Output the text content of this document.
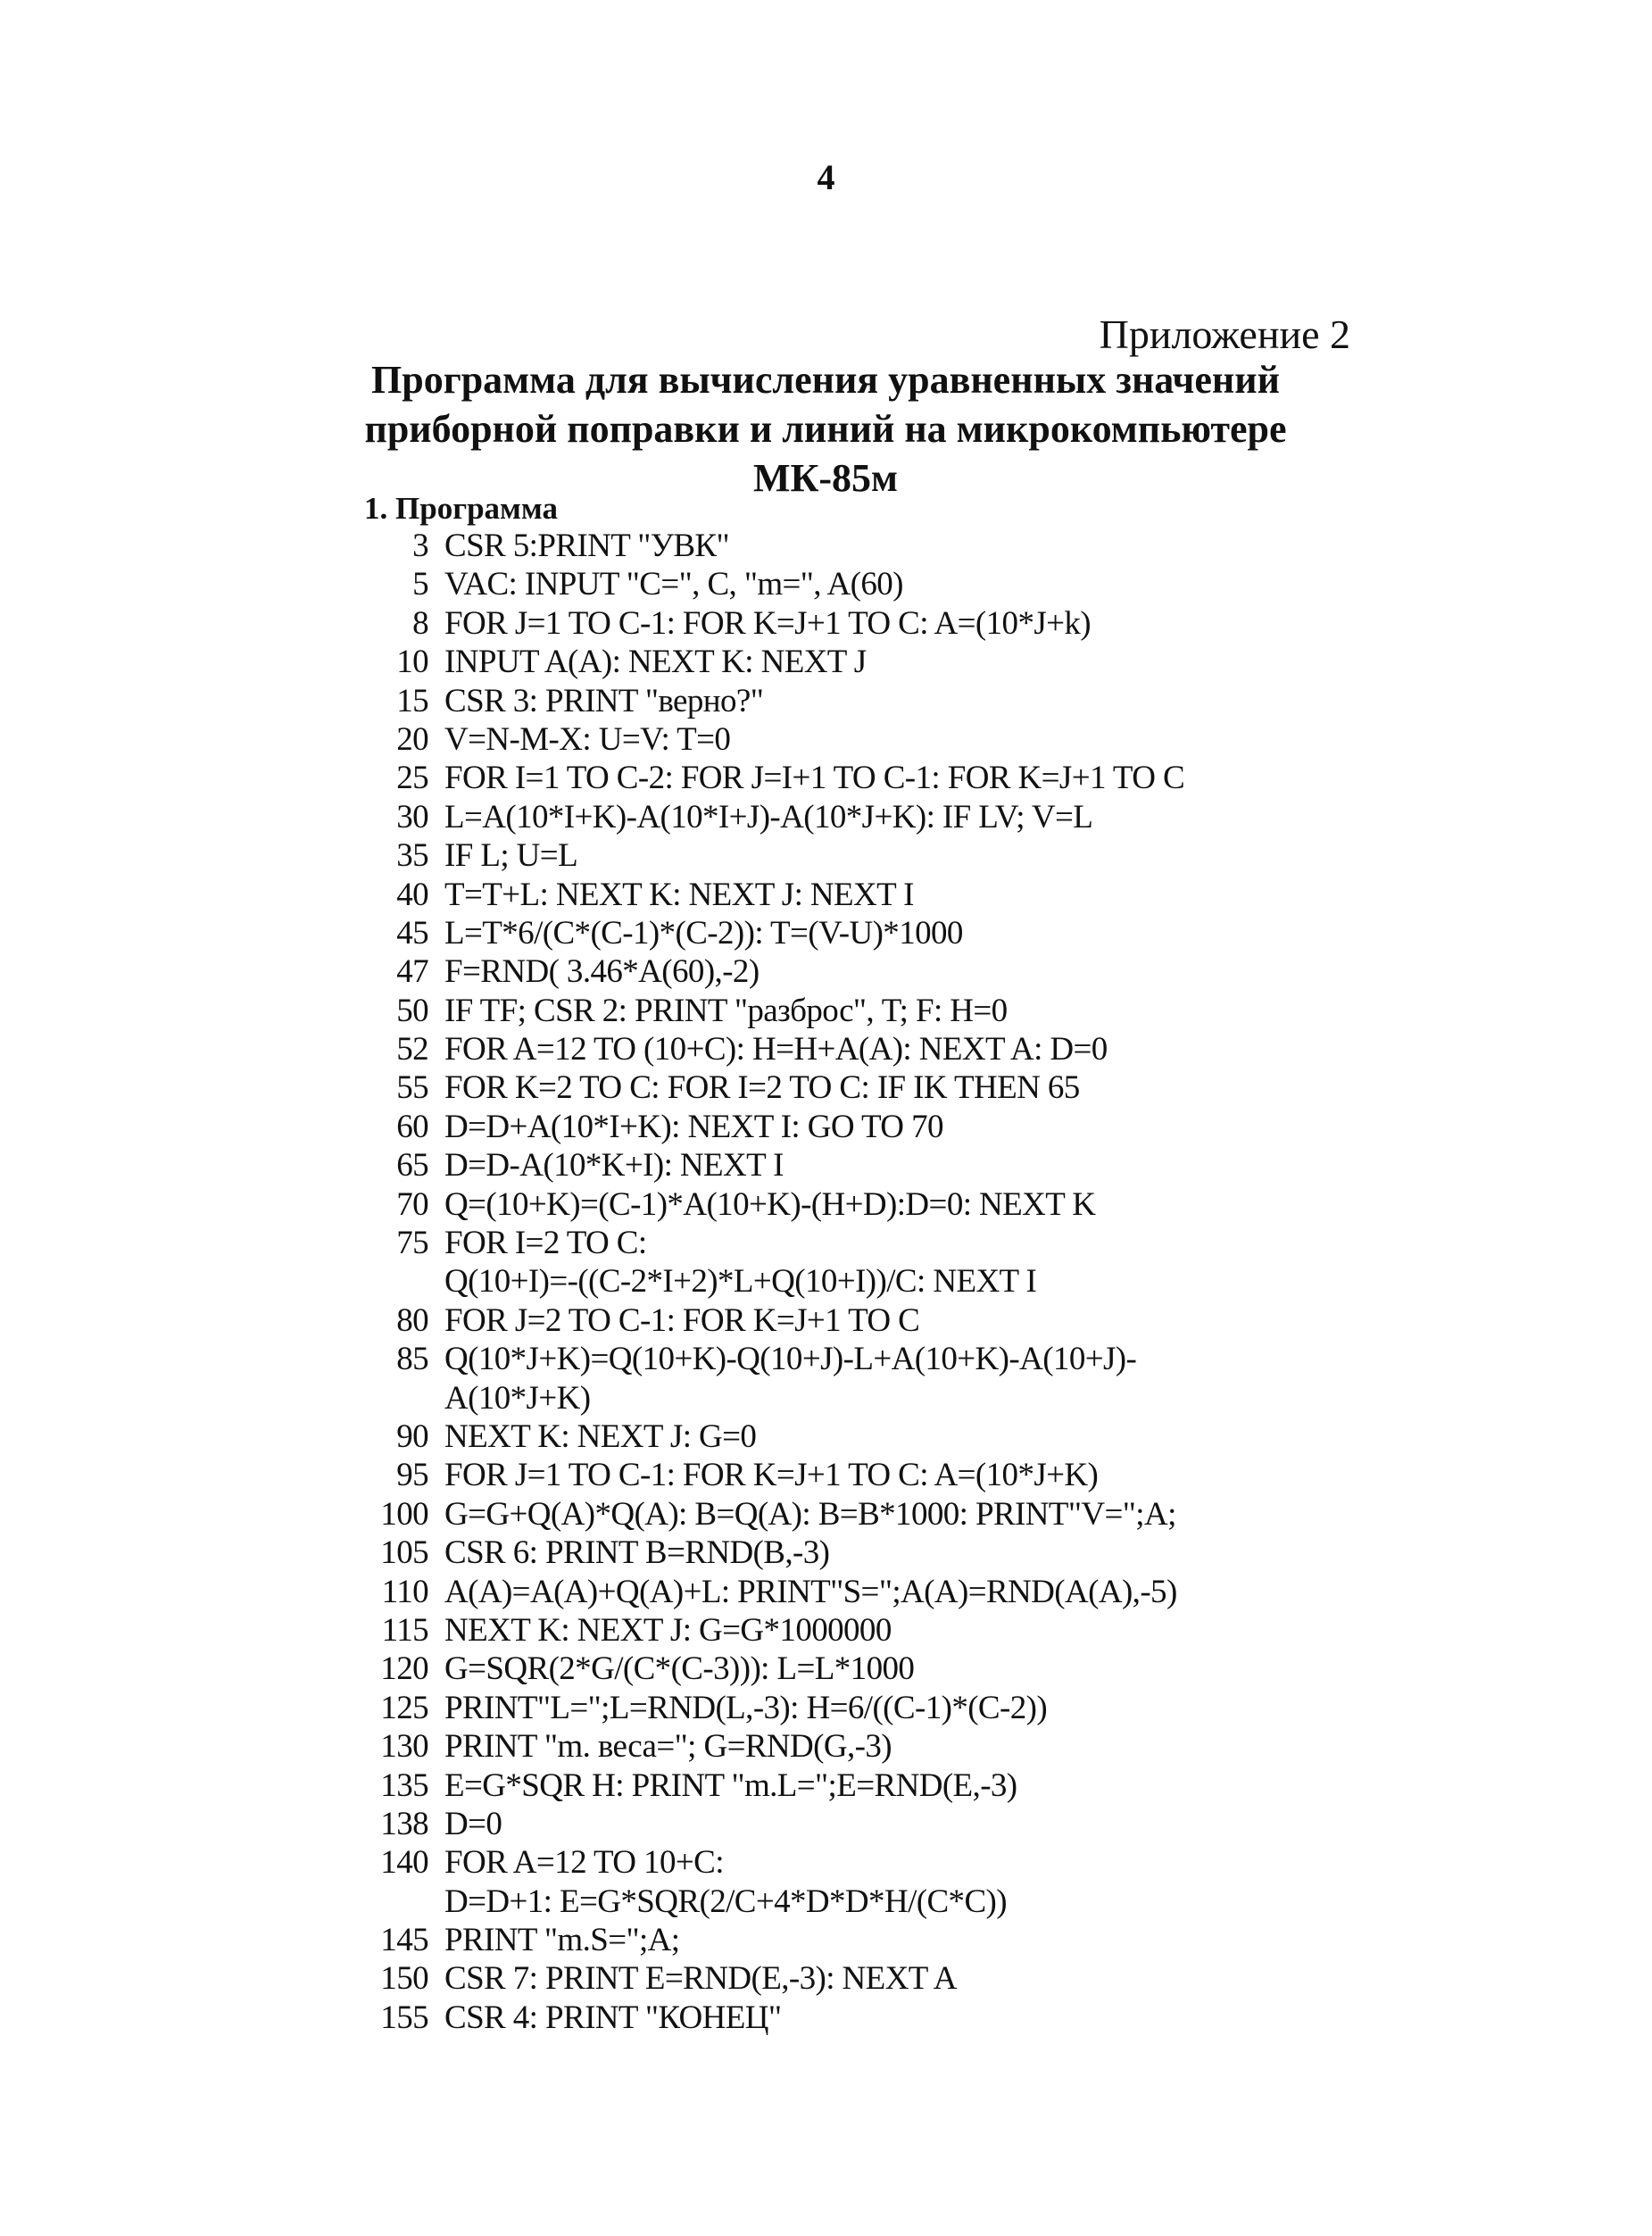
4
Приложение 2
Программа для вычисления уравненных значений
приборной поправки и линий на микрокомпьютере
МК-85м
1. Программа
3 CSR 5:PRINT "УВК"
5 VAC: INPUT "C=", C, "m=", A(60)
8 FOR J=1 TO C-1: FOR K=J+1 TO C: A=(10*J+k)
10 INPUT A(A): NEXT K: NEXT J
15 CSR 3: PRINT "верно?"
20 V=N-M-X: U=V: T=0
25 FOR I=1 TO C-2: FOR J=I+1 TO C-1: FOR K=J+1 TO C
30 L=A(10*I+K)-A(10*I+J)-A(10*J+K): IF LV; V=L
35 IF L; U=L
40 T=T+L: NEXT K: NEXT J: NEXT I
45 L=T*6/(C*(C-1)*(C-2)): T=(V-U)*1000
47 F=RND( 3.46*A(60),-2)
50 IF TF; CSR 2: PRINT "разброс", T; F: H=0
52 FOR A=12 TO (10+C): H=H+A(A): NEXT A: D=0
55 FOR K=2 TO C: FOR I=2 TO C: IF IK THEN 65
60 D=D+A(10*I+K): NEXT I: GO TO 70
65 D=D-A(10*K+I): NEXT I
70 Q=(10+K)=(C-1)*A(10+K)-(H+D):D=0: NEXT K
75 FOR I=2 TO C:
Q(10+I)=-((C-2*I+2)*L+Q(10+I))/C: NEXT I
80 FOR J=2 TO C-1: FOR K=J+1 TO C
85 Q(10*J+K)=Q(10+K)-Q(10+J)-L+A(10+K)-A(10+J)-
A(10*J+K)
90 NEXT K: NEXT J: G=0
95 FOR J=1 TO C-1: FOR K=J+1 TO C: A=(10*J+K)
100 G=G+Q(A)*Q(A): B=Q(A): B=B*1000: PRINT"V=";A;
105 CSR 6: PRINT B=RND(B,-3)
110 A(A)=A(A)+Q(A)+L: PRINT"S=";A(A)=RND(A(A),-5)
115 NEXT K: NEXT J: G=G*1000000
120 G=SQR(2*G/(C*(C-3))): L=L*1000
125 PRINT"L=";L=RND(L,-3): H=6/((C-1)*(C-2))
130 PRINT "m. веса="; G=RND(G,-3)
135 E=G*SQR H: PRINT "m.L=";E=RND(E,-3)
138 D=0
140 FOR A=12 TO 10+C:
D=D+1: E=G*SQR(2/C+4*D*D*H/(C*C))
145 PRINT "m.S=";A;
150 CSR 7: PRINT E=RND(E,-3): NEXT A
155 CSR 4: PRINT "КОНЕЦ"
